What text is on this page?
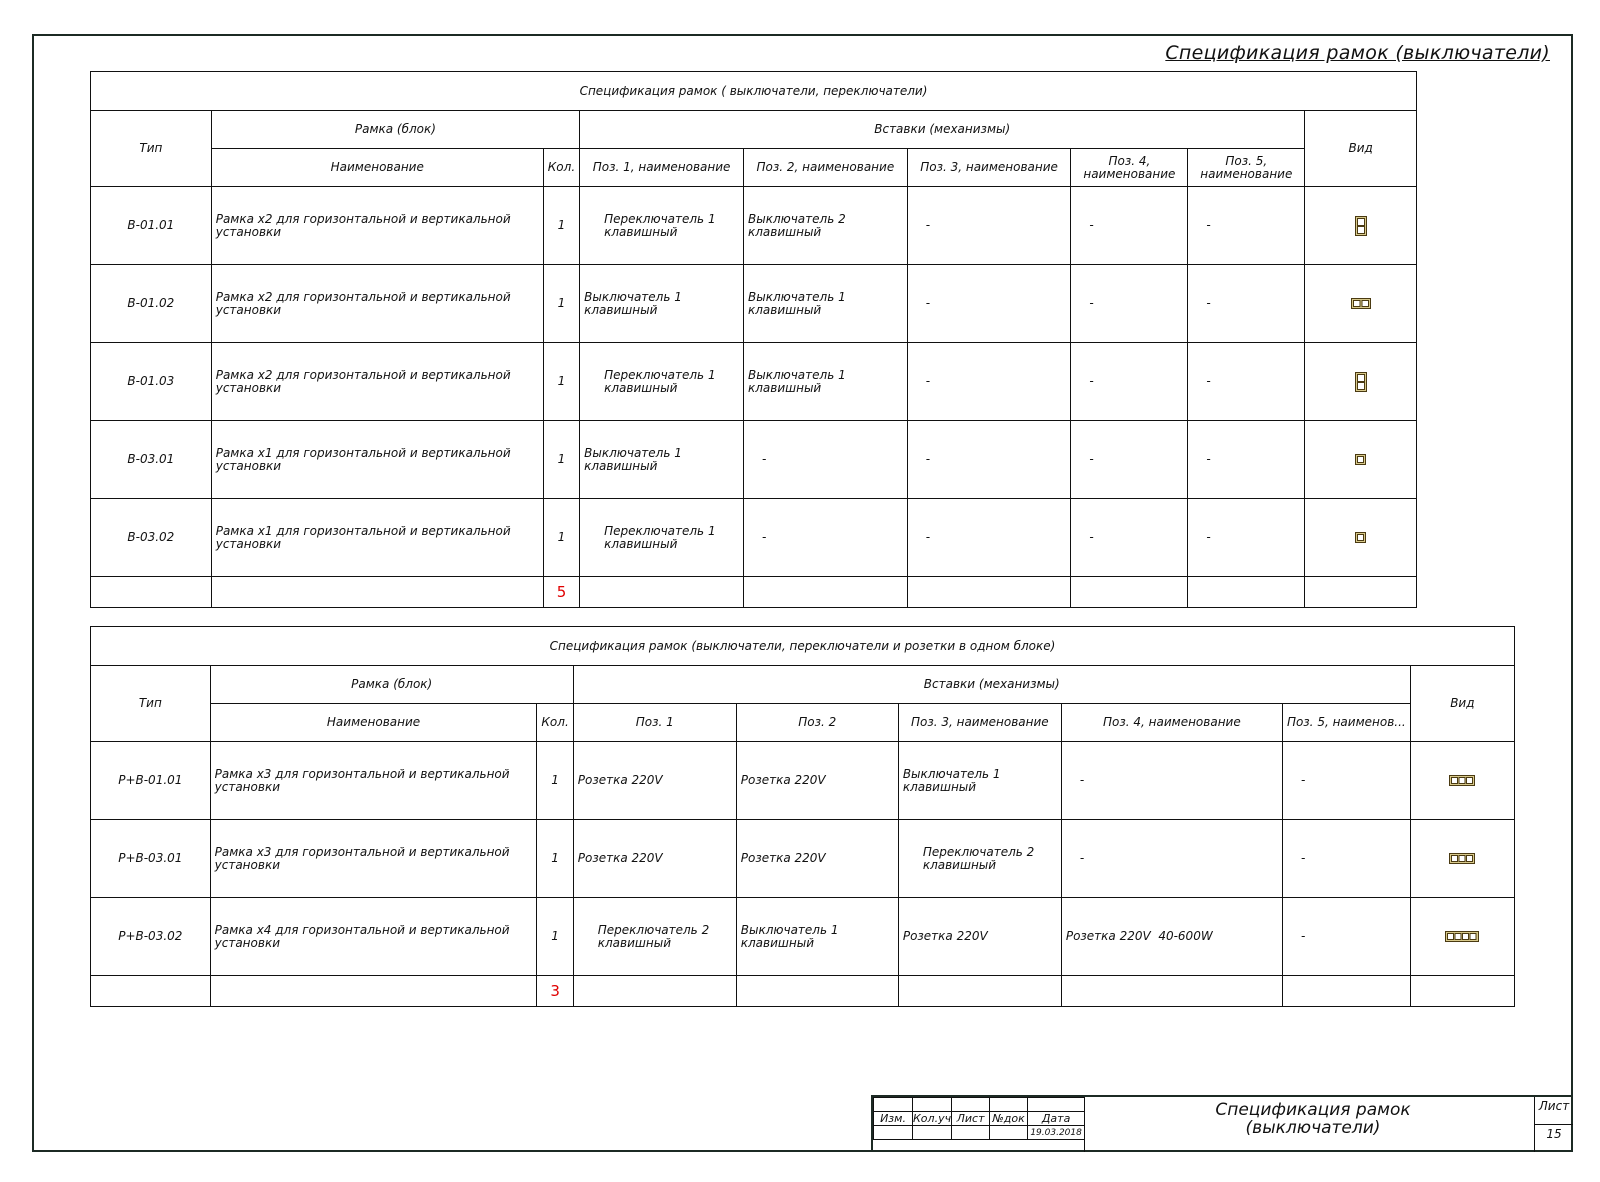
Спецификация рамок (выключатели)
Спецификация рамок ( выключатели, переключатели)								
Тип	Рамка (блок)		Вставки (механизмы)					Вид
	Наименование	Кол.	Поз. 1, наименование	Поз. 2, наименование	Поз. 3, наименование	Поз. 4, наименование	Поз. 5, наименование	
В-01.01	Рамка х2 для горизонтальной и вертикальной установки	1	Переключатель 1 клавишный	Выключатель 2 клавишный	-	-	-	

В-01.02	Рамка х2 для горизонтальной и вертикальной установки	1	Выключатель 1 клавишный	Выключатель 1 клавишный	-	-	-	

В-01.03	Рамка х2 для горизонтальной и вертикальной установки	1	Переключатель 1 клавишный	Выключатель 1 клавишный	-	-	-	

В-03.01	Рамка х1 для горизонтальной и вертикальной установки	1	Выключатель 1 клавишный	-	-	-	-	

В-03.02	Рамка х1 для горизонтальной и вертикальной установки	1	Переключатель 1 клавишный	-	-	-	-	

		5						
Спецификация рамок (выключатели, переключатели и розетки в одном блоке)								
Тип	Рамка (блок)		Вставки (механизмы)					Вид
	Наименование	Кол.	Поз. 1	Поз. 2	Поз. 3, наименование	Поз. 4, наименование	Поз. 5, наименов...	
Р+В-01.01	Рамка х3 для горизонтальной и вертикальной установки	1	Розетка 220V	Розетка 220V	Выключатель 1 клавишный	-	-	

Р+В-03.01	Рамка х3 для горизонтальной и вертикальной установки	1	Розетка 220V	Розетка 220V	Переключатель 2 клавишный	-	-	

Р+В-03.02	Рамка х4 для горизонтальной и вертикальной установки	1	Переключатель 2 клавишный	Выключатель 1 клавишный	Розетка 220V	Розетка 220V  40-600W	-	

		3						

Изм.	Кол.уч	Лист	№док	Дата	
				19.03.2018	
Спецификация рамок
(выключатели)
Лист
15
